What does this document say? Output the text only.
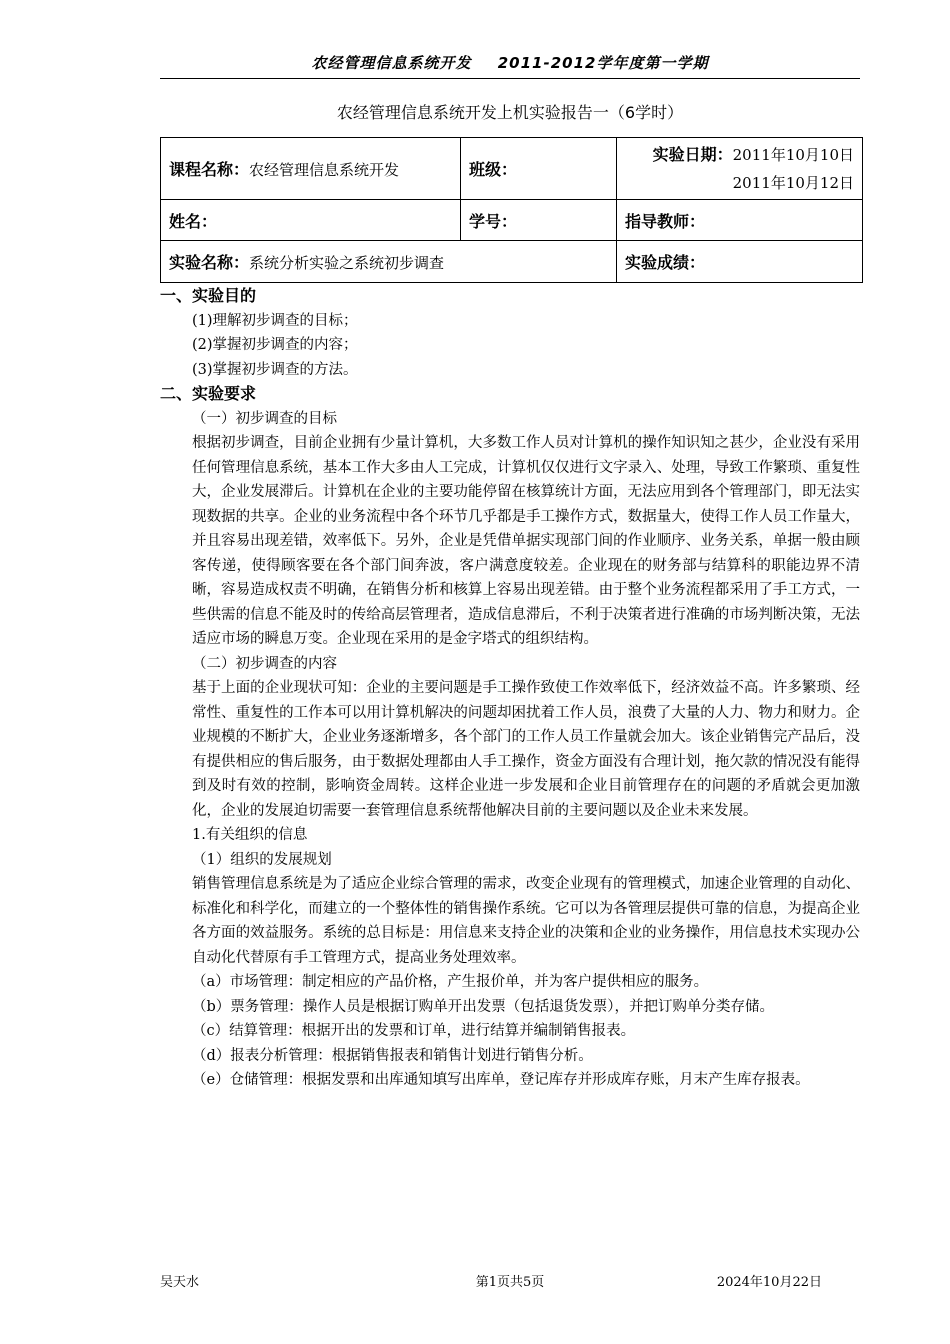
农经管理信息系统开发 2011-2012学年度第一学期
农经管理信息系统开发上机实验报告一（6学时）
课程名称：农经管理信息系统开发	班级：	实验日期：2011年10月10日
2011年10月12日

姓名：	学号：	指导教师：
实验名称：系统分析实验之系统初步调查		实验成绩：
一、实验目的
(1)理解初步调查的目标；
(2)掌握初步调查的内容；
(3)掌握初步调查的方法。
二、实验要求
（一）初步调查的目标
根据初步调查，目前企业拥有少量计算机，大多数工作人员对计算机的操作知识知之甚少，企业没有采用任何管理信息系统，基本工作大多由人工完成，计算机仅仅进行文字录入、处理，导致工作繁琐、重复性大，企业发展滞后。计算机在企业的主要功能停留在核算统计方面，无法应用到各个管理部门，即无法实现数据的共享。企业的业务流程中各个环节几乎都是手工操作方式，数据量大，使得工作人员工作量大，并且容易出现差错，效率低下。另外，企业是凭借单据实现部门间的作业顺序、业务关系，单据一般由顾客传递，使得顾客要在各个部门间奔波，客户满意度较差。企业现在的财务部与结算科的职能边界不清晰，容易造成权责不明确，在销售分析和核算上容易出现差错。由于整个业务流程都采用了手工方式，一些供需的信息不能及时的传给高层管理者，造成信息滞后，不利于决策者进行准确的市场判断决策，无法适应市场的瞬息万变。企业现在采用的是金字塔式的组织结构。
（二）初步调查的内容
基于上面的企业现状可知：企业的主要问题是手工操作致使工作效率低下，经济效益不高。许多繁琐、经常性、重复性的工作本可以用计算机解决的问题却困扰着工作人员，浪费了大量的人力、物力和财力。企业规模的不断扩大，企业业务逐渐增多，各个部门的工作人员工作量就会加大。该企业销售完产品后，没有提供相应的售后服务，由于数据处理都由人手工操作，资金方面没有合理计划，拖欠款的情况没有能得到及时有效的控制，影响资金周转。这样企业进一步发展和企业目前管理存在的问题的矛盾就会更加激化，企业的发展迫切需要一套管理信息系统帮他解决目前的主要问题以及企业未来发展。
1.有关组织的信息
（1）组织的发展规划
销售管理信息系统是为了适应企业综合管理的需求，改变企业现有的管理模式，加速企业管理的自动化、标准化和科学化，而建立的一个整体性的销售操作系统。它可以为各管理层提供可靠的信息，为提高企业各方面的效益服务。系统的总目标是：用信息来支持企业的决策和企业的业务操作，用信息技术实现办公自动化代替原有手工管理方式，提高业务处理效率。
（a）市场管理：制定相应的产品价格，产生报价单，并为客户提供相应的服务。
（b）票务管理：操作人员是根据订购单开出发票（包括退货发票），并把订购单分类存储。
（c）结算管理：根据开出的发票和订单，进行结算并编制销售报表。
（d）报表分析管理：根据销售报表和销售计划进行销售分析。
（e）仓储管理：根据发票和出库通知填写出库单，登记库存并形成库存账，月末产生库存报表。
吴天水	第1页共5页	2024年10月22日
